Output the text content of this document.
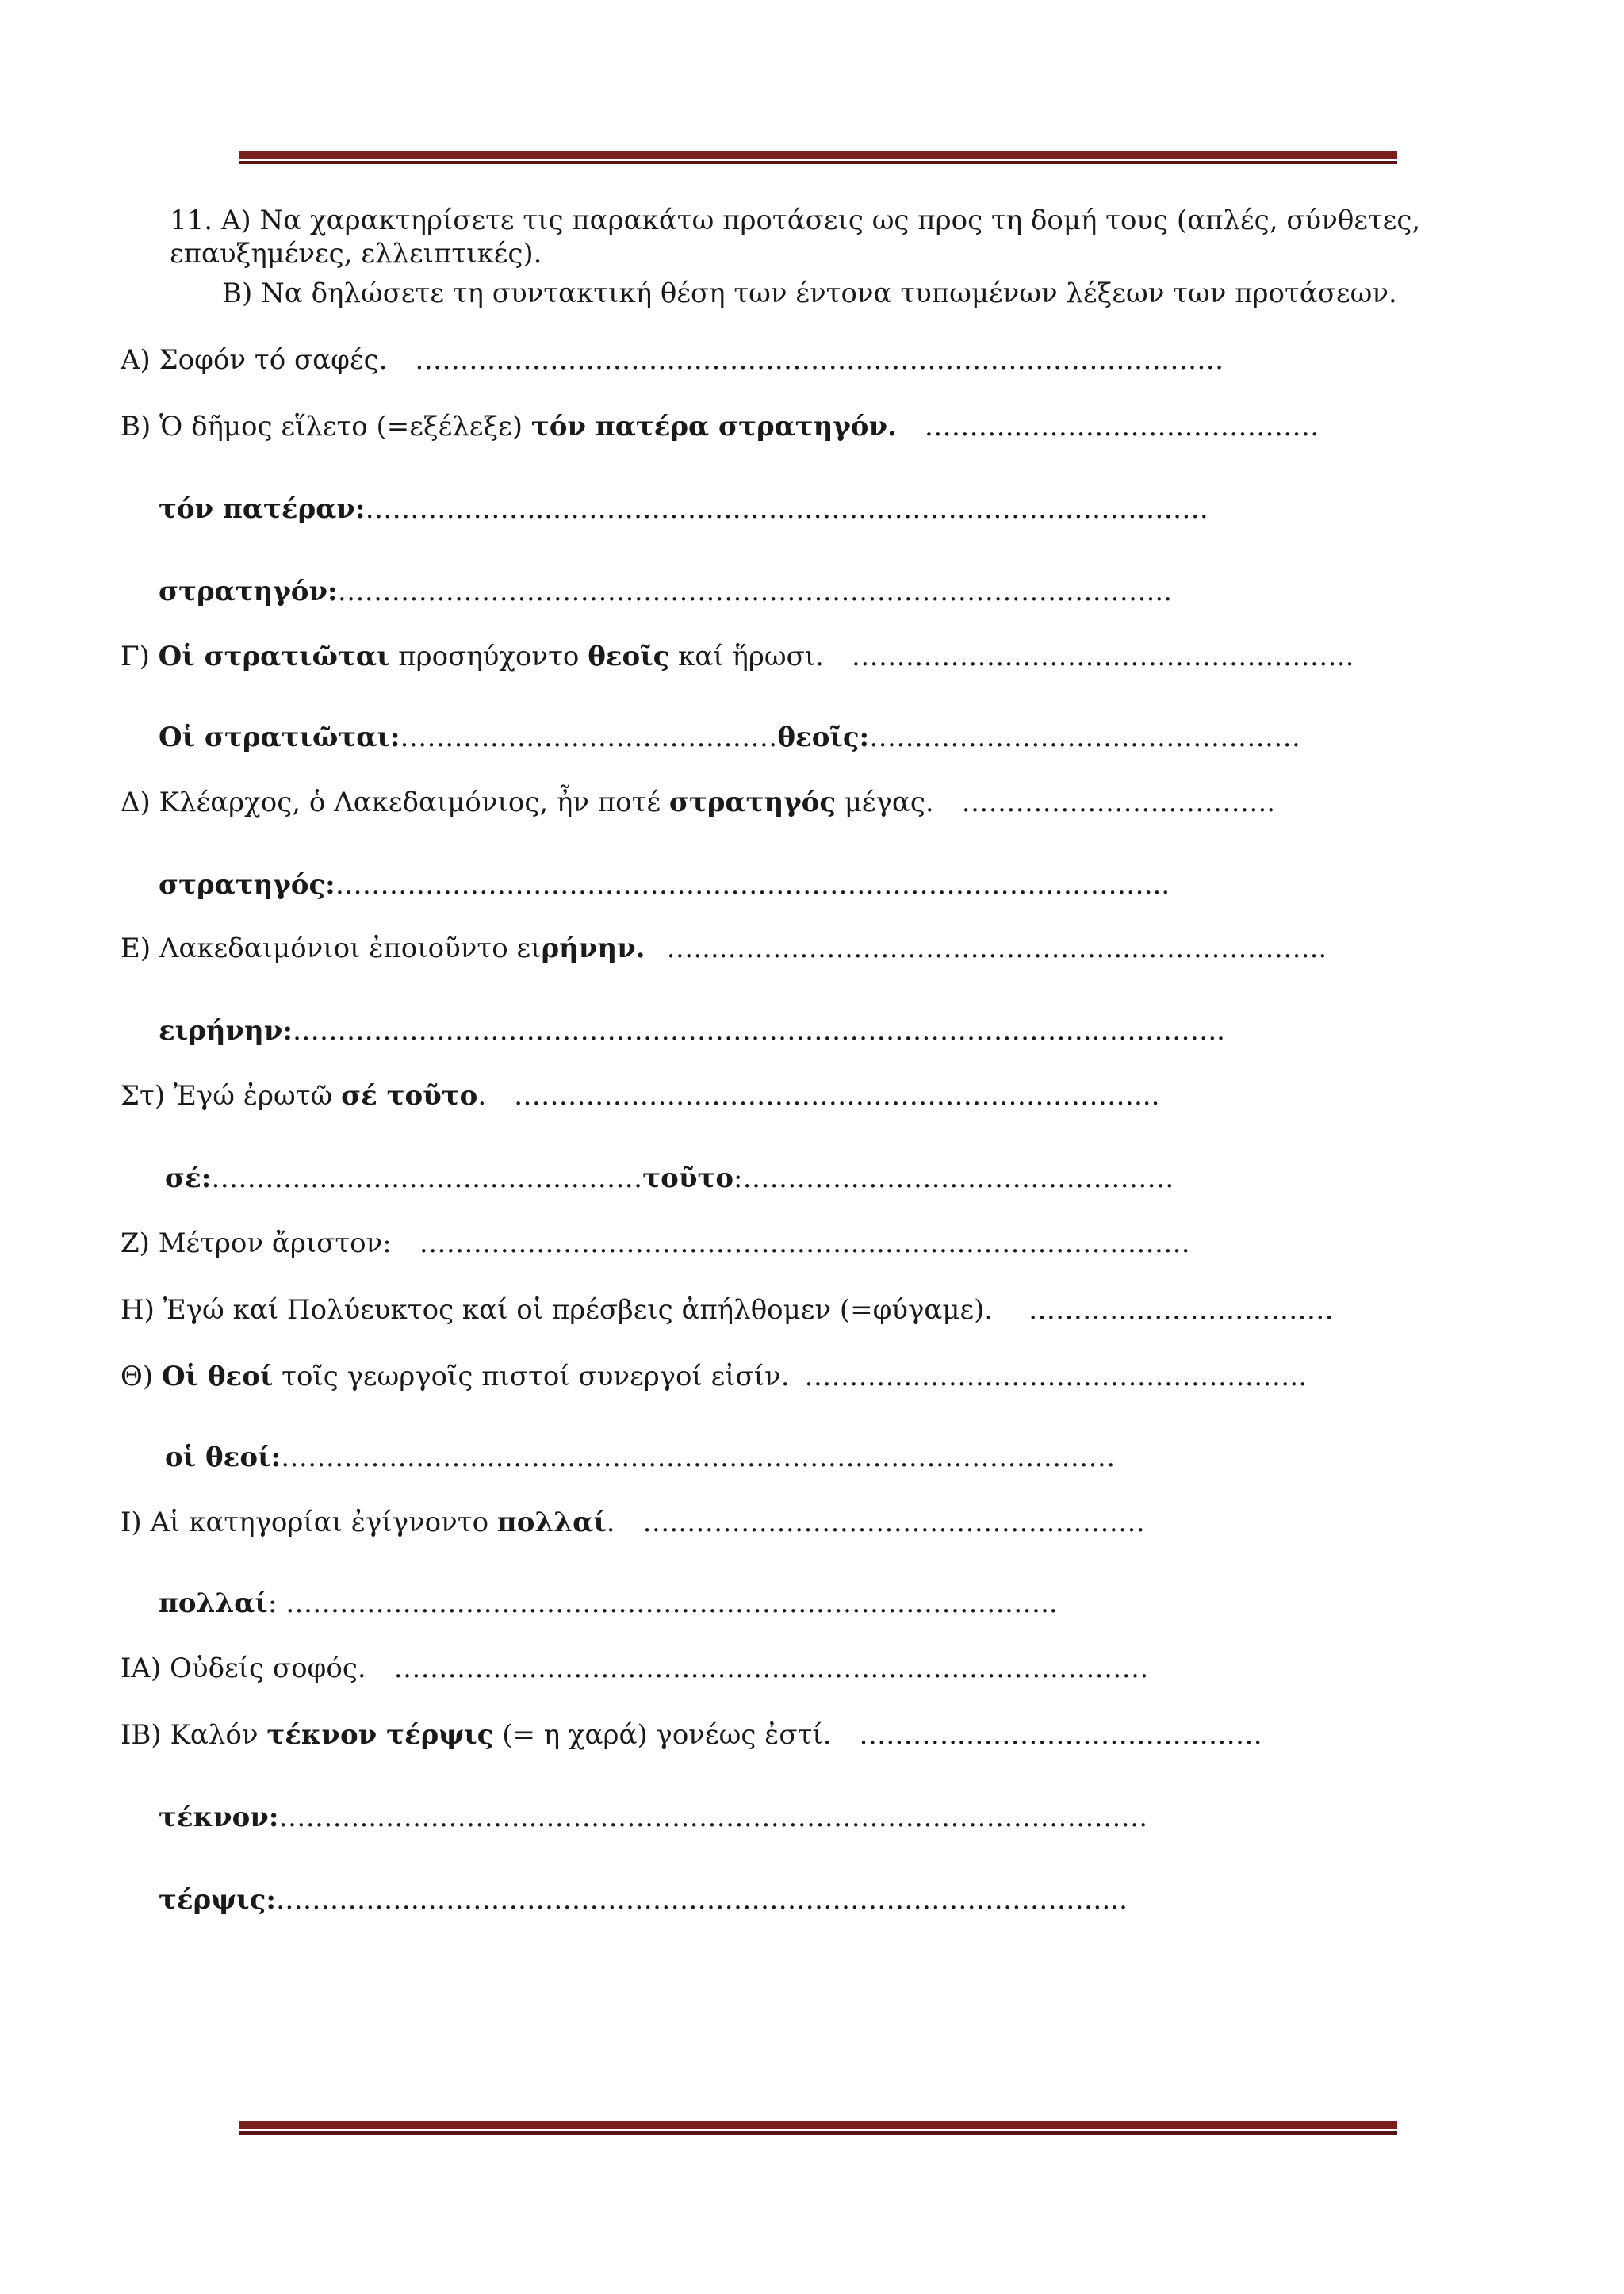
11. Α) Να χαρακτηρίσετε τις παρακάτω προτάσεις ως προς τη δομή τους (απλές, σύνθετες,
επαυξημένες, ελλειπτικές).
Β) Να δηλώσετε τη συντακτική θέση των έντονα τυπωμένων λέξεων των προτάσεων.
Α) Σοφόν τό σαφές. ………………………………………………………………………………
Β) Ὁ δῆμος εἵλετο (=εξέλεξε) τόν πατέρα στρατηγόν. ………..……………………………
τόν πατέραν:………………...……………………………………………………………….
στρατηγόν:………………………………………………………………………………...
Γ) Οἱ στρατιῶται προσηύχοντο θεοῖς καί ἥρωσι. ………………………………………………..
Οἱ στρατιῶται:……………………………………θεοῖς:…………………………………………
Δ) Κλέαρχος, ὁ Λακεδαιμόνιος, ἦν ποτέ στρατηγός μέγας. ……………………………..
στρατηγός:………………………………………………………………………………...
Ε) Λακεδαιμόνιοι ἐποιοῦντο ειρήνην. …....……………………………………....………………...
ειρήνην:……………………………………………………………………………...…………..
Στ) Ἐγώ ἐρωτῶ σέ τοῦτο. ……………………………………………………………...
σέ:…………………………………………τοῦτο:…………………………………………
Ζ) Μέτρον ἄριστον: …………………………………………....…………………………….
Η) Ἐγώ καί Πολύευκτος καί οἱ πρέσβεις ἀπήλθομεν (=φύγαμε). ………….…………………
Θ) Οἱ θεοί τοῖς γεωργοῖς πιστοί συνεργοί εἰσίν. ………………………………………………..
οἱ θεοί:…………………...……………………………………………………………
Ι) Αἱ κατηγορίαι ἐγίγνοντο πολλαί. …..……………………………………………
πολλαί: …………………………………………………………………………..
ΙΑ) Οὐδείς σοφός. …………………………………………………………………………
ΙΒ) Καλόν τέκνον τέρψις (= η χαρά) γονέως ἐστί. ….……..……………………………
τέκνον:………...……………...………………………………………………………….
τέρψις:……………..…………………………………………………………………...
